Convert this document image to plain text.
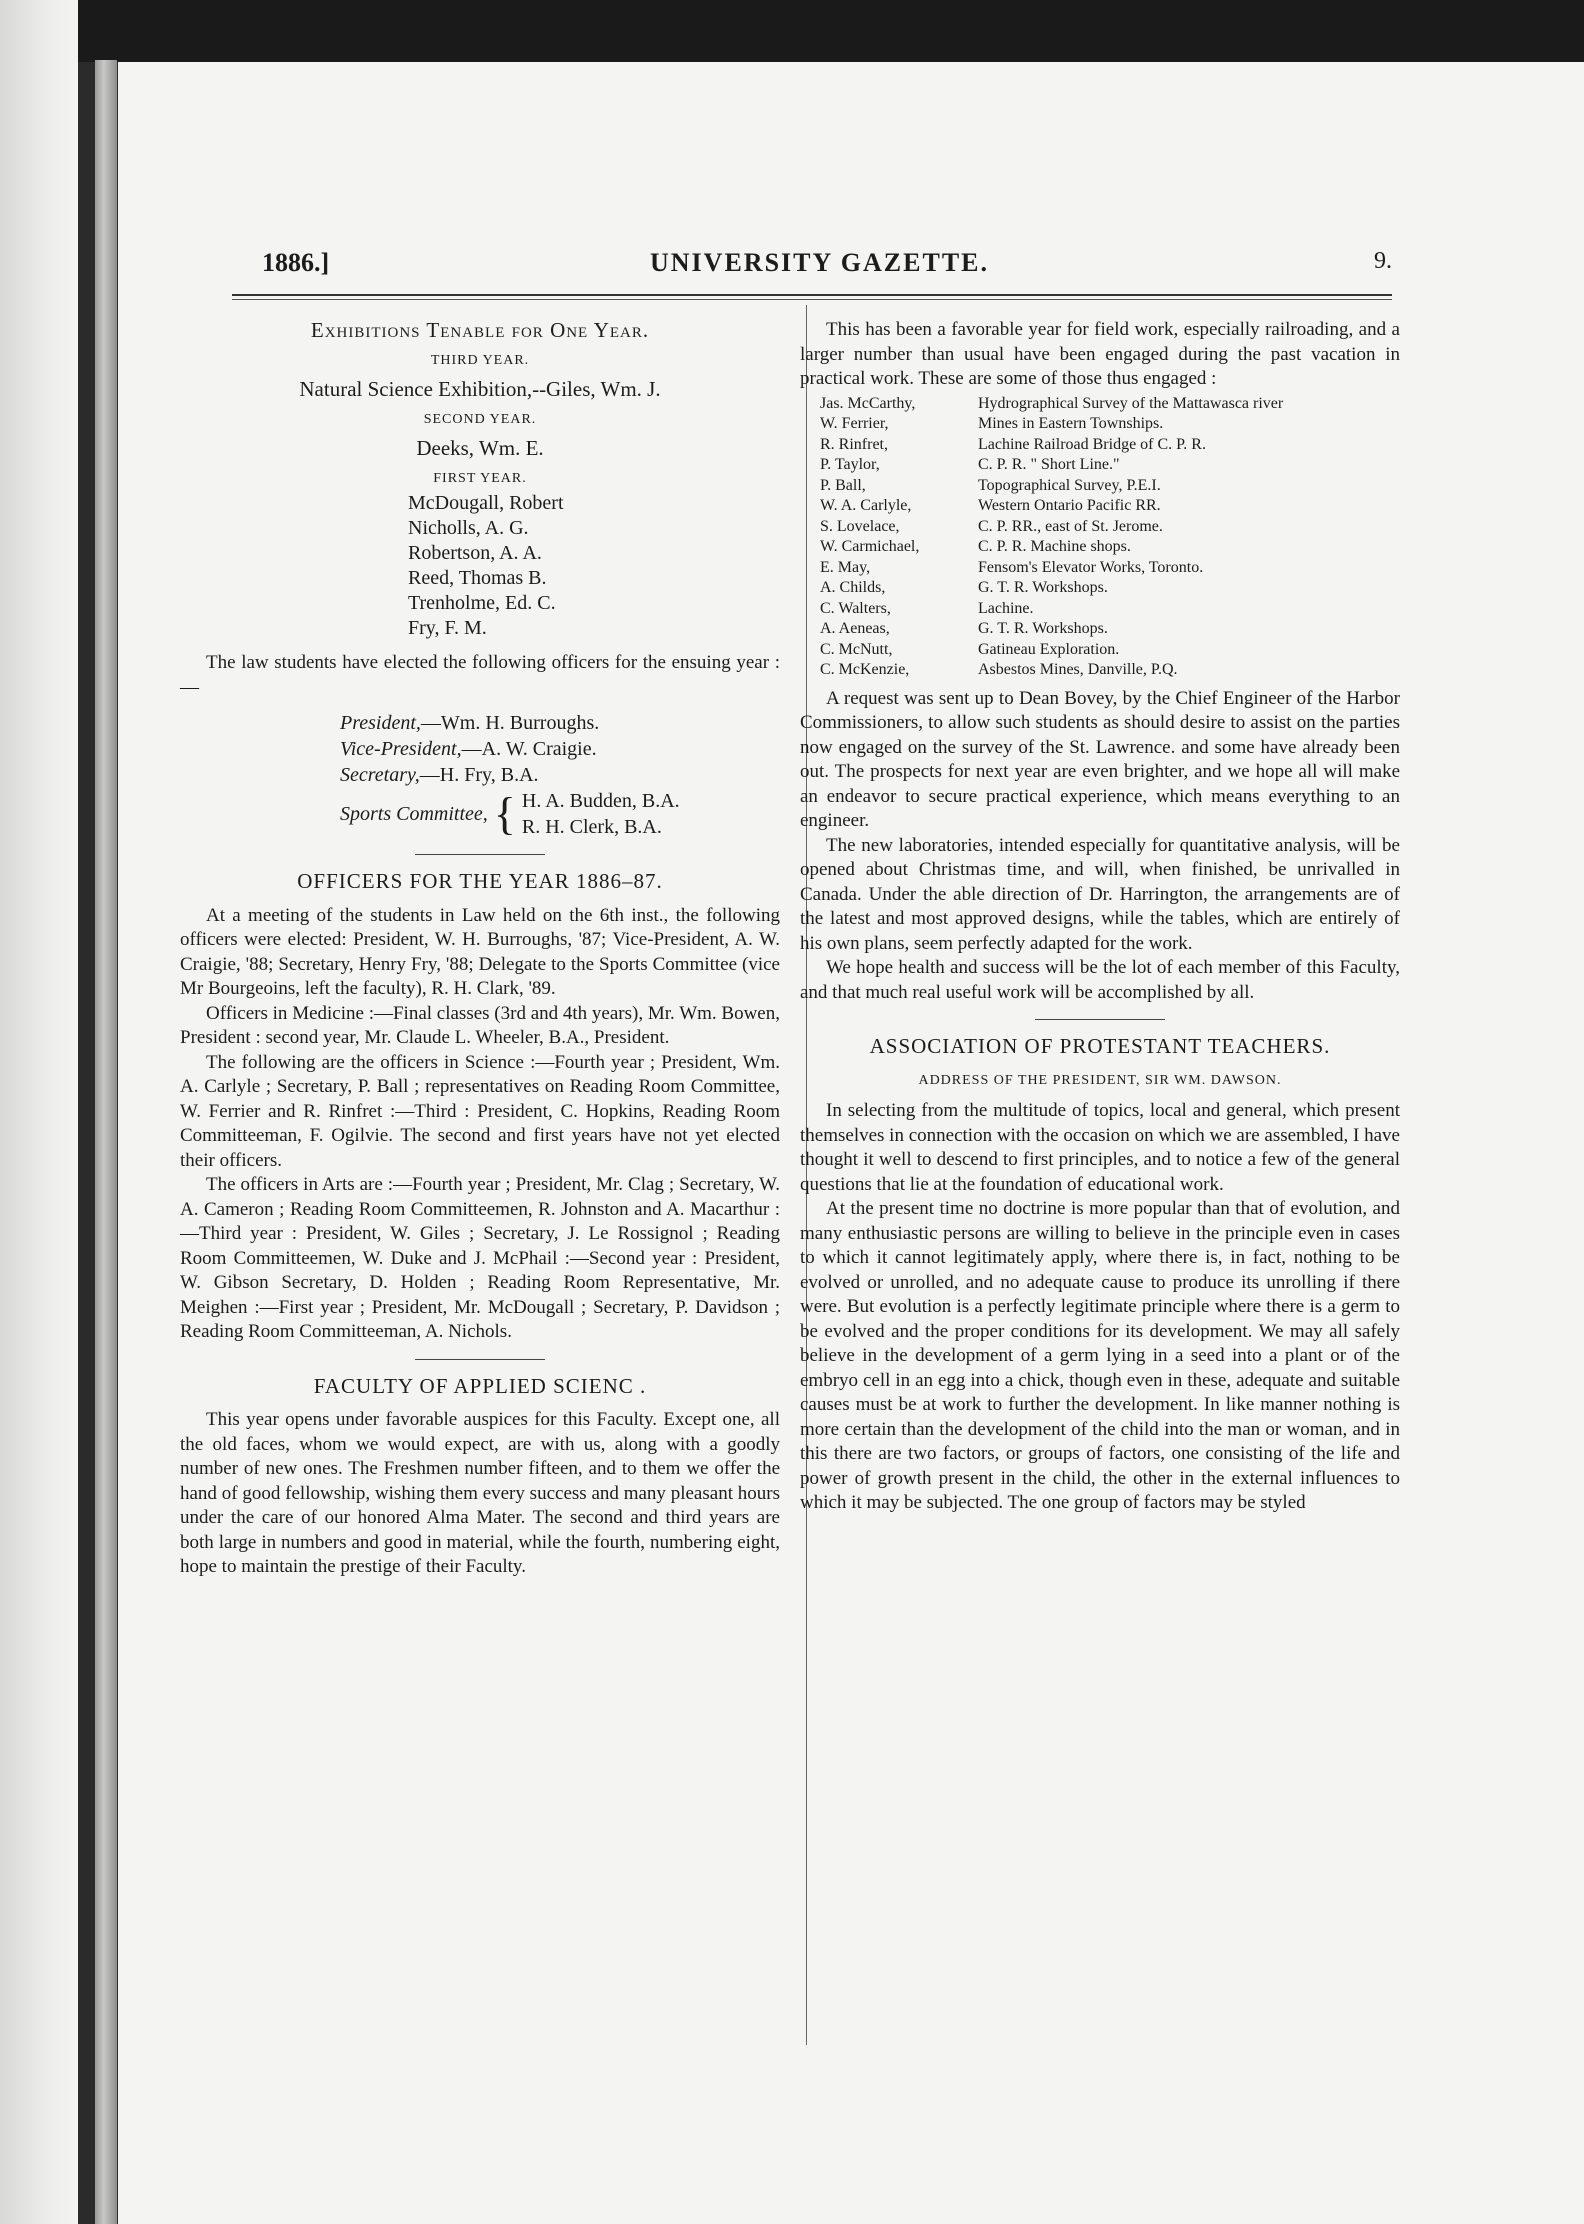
1886.]	UNIVERSITY GAZETTE.	9.
Exhibitions Tenable for One Year.
THIRD YEAR.
Natural Science Exhibition,--Giles, Wm. J.
SECOND YEAR.
Deeks, Wm. E.
FIRST YEAR.
McDougall, Robert
Nicholls, A. G.
Robertson, A. A.
Reed, Thomas B.
Trenholme, Ed. C.
Fry, F. M.

The law students have elected the following officers for the ensuing year :—

President,—Wm. H. Burroughs.
Vice-President,—A. W. Craigie.
Secretary,—H. Fry, B.A.
Sports Committee, { H. A. Budden, B.A.
R. H. Clerk, B.A.
OFFICERS FOR THE YEAR 1886–87.

At a meeting of the students in Law held on the 6th inst., the following officers were elected: President, W. H. Burroughs, '87; Vice-President, A. W. Craigie, '88; Secretary, Henry Fry, '88; Delegate to the Sports Committee (vice Mr Bourgeoins, left the faculty), R. H. Clark, '89.

Officers in Medicine :—Final classes (3rd and 4th years), Mr. Wm. Bowen, President : second year, Mr. Claude L. Wheeler, B.A., President.

The following are the officers in Science :—Fourth year ; President, Wm. A. Carlyle ; Secretary, P. Ball ; representatives on Reading Room Committee, W. Ferrier and R. Rinfret :—Third : President, C. Hopkins, Reading Room Committeeman, F. Ogilvie. The second and first years have not yet elected their officers.

The officers in Arts are :—Fourth year ; President, Mr. Clag ; Secretary, W. A. Cameron ; Reading Room Committeemen, R. Johnston and A. Macarthur :—Third year : President, W. Giles ; Secretary, J. Le Rossignol ; Reading Room Committeemen, W. Duke and J. McPhail :—Second year : President, W. Gibson Secretary, D. Holden ; Reading Room Representative, Mr. Meighen :—First year ; President, Mr. McDougall ; Secretary, P. Davidson ; Reading Room Committeeman, A. Nichols.

FACULTY OF APPLIED SCIENC .

This year opens under favorable auspices for this Faculty. Except one, all the old faces, whom we would expect, are with us, along with a goodly number of new ones. The Freshmen number fifteen, and to them we offer the hand of good fellowship, wishing them every success and many pleasant hours under the care of our honored Alma Mater. The second and third years are both large in numbers and good in material, while the fourth, numbering eight, hope to maintain the prestige of their Faculty.

This has been a favorable year for field work, especially railroading, and a larger number than usual have been engaged during the past vacation in practical work. These are some of those thus engaged :

Jas. McCarthy,	Hydrographical Survey of the Mattawasca river
W. Ferrier,	Mines in Eastern Townships.
R. Rinfret,	Lachine Railroad Bridge of C. P. R.
P. Taylor,	C. P. R. " Short Line."
P. Ball,	Topographical Survey, P.E.I.
W. A. Carlyle,	Western Ontario Pacific RR.
S. Lovelace,	C. P. RR., east of St. Jerome.
W. Carmichael,	C. P. R. Machine shops.
E. May,	Fensom's Elevator Works, Toronto.
A. Childs,	G. T. R. Workshops.
C. Walters,	Lachine.
A. Aeneas,	G. T. R. Workshops.
C. McNutt,	Gatineau Exploration.
C. McKenzie,	Asbestos Mines, Danville, P.Q.

A request was sent up to Dean Bovey, by the Chief Engineer of the Harbor Commissioners, to allow such students as should desire to assist on the parties now engaged on the survey of the St. Lawrence. and some have already been out. The prospects for next year are even brighter, and we hope all will make an endeavor to secure practical experience, which means everything to an engineer.

The new laboratories, intended especially for quantitative analysis, will be opened about Christmas time, and will, when finished, be unrivalled in Canada. Under the able direction of Dr. Harrington, the arrangements are of the latest and most approved designs, while the tables, which are entirely of his own plans, seem perfectly adapted for the work.

We hope health and success will be the lot of each member of this Faculty, and that much real useful work will be accomplished by all.

ASSOCIATION OF PROTESTANT TEACHERS.
ADDRESS OF THE PRESIDENT, SIR WM. DAWSON.

In selecting from the multitude of topics, local and general, which present themselves in connection with the occasion on which we are assembled, I have thought it well to descend to first principles, and to notice a few of the general questions that lie at the foundation of educational work.

At the present time no doctrine is more popular than that of evolution, and many enthusiastic persons are willing to believe in the principle even in cases to which it cannot legitimately apply, where there is, in fact, nothing to be evolved or unrolled, and no adequate cause to produce its unrolling if there were. But evolution is a perfectly legitimate principle where there is a germ to be evolved and the proper conditions for its development. We may all safely believe in the development of a germ lying in a seed into a plant or of the embryo cell in an egg into a chick, though even in these, adequate and suitable causes must be at work to further the development. In like manner nothing is more certain than the development of the child into the man or woman, and in this there are two factors, or groups of factors, one consisting of the life and power of growth present in the child, the other in the external influences to which it may be subjected. The one group of factors may be styled
